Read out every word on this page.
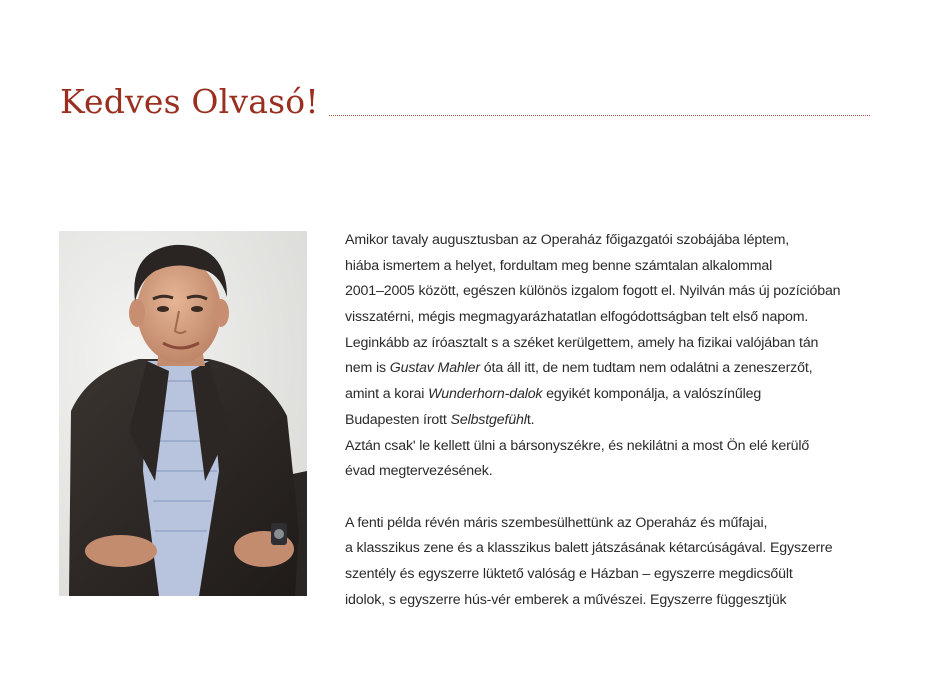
Kedves Olvasó!
Amikor tavaly augusztusban az Operaház főigazgatói szobájába léptem,
hiába ismertem a helyet, fordultam meg benne számtalan alkalommal
2001–2005 között, egészen különös izgalom fogott el. Nyilván más új pozícióban
visszatérni, mégis megmagyarázhatatlan elfogódottságban telt első napom.
Leginkább az íróasztalt s a széket kerülgettem, amely ha fizikai valójában tán
nem is Gustav Mahler óta áll itt, de nem tudtam nem odalátni a zeneszerzőt,
amint a korai Wunderhorn-dalok egyikét komponálja, a valószínűleg
Budapesten írott Selbstgefühlt.
Aztán csak' le kellett ülni a bársonyszékre, és nekilátni a most Ön elé kerülő
évad megtervezésének.
A fenti példa révén máris szembesülhettünk az Operaház és műfajai,
a klasszikus zene és a klasszikus balett játszásának kétarcúságával. Egyszerre
szentély és egyszerre lüktető valóság e Házban – egyszerre megdicsőült
idolok, s egyszerre hús-vér emberek a művészei. Egyszerre függesztjük
